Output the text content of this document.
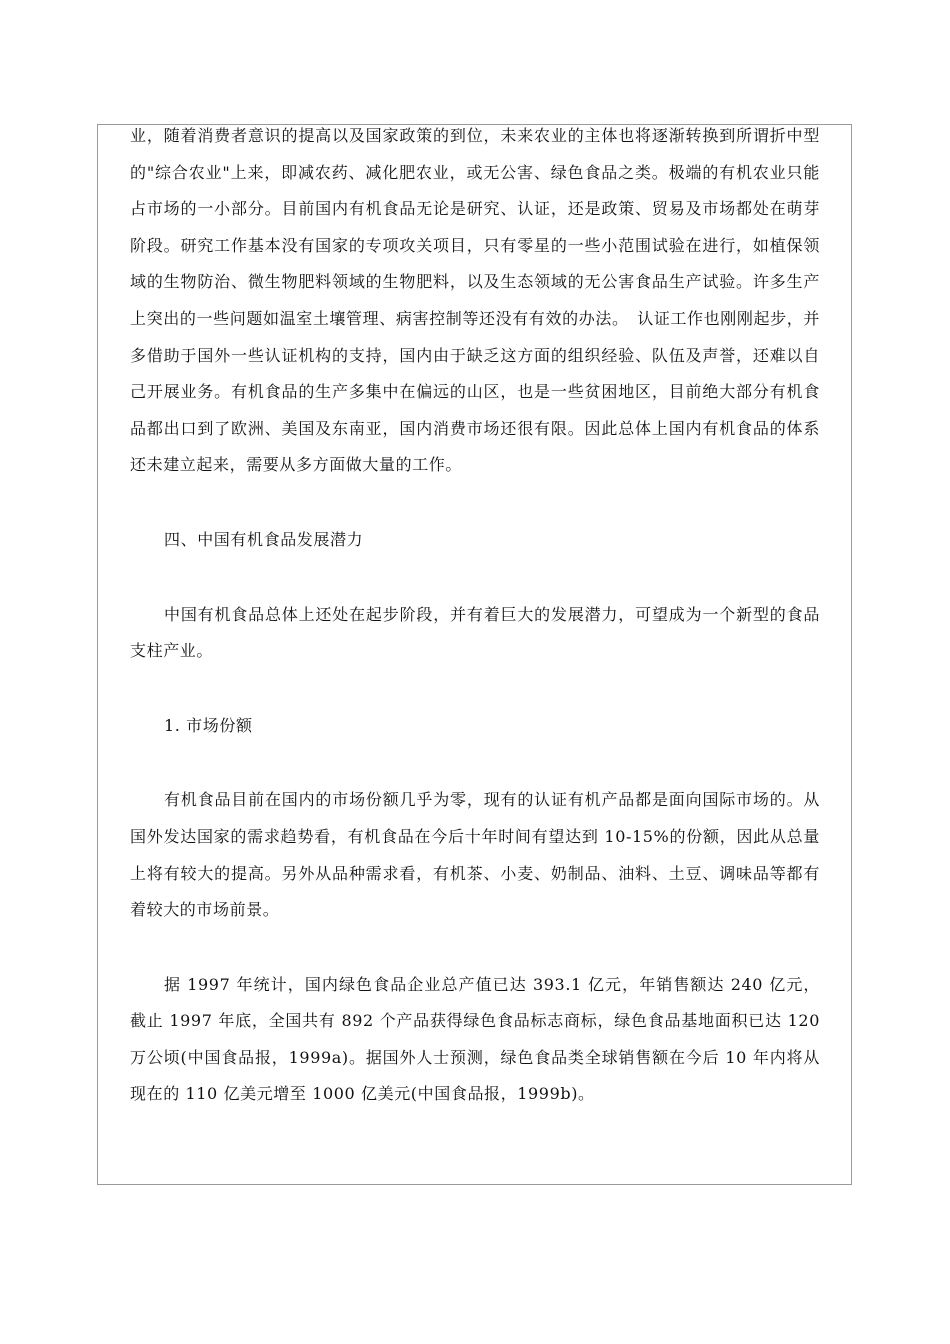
业，随着消费者意识的提高以及国家政策的到位，未来农业的主体也将逐渐转换到所谓折中型的"综合农业"上来，即减农药、减化肥农业，或无公害、绿色食品之类。极端的有机农业只能占市场的一小部分。目前国内有机食品无论是研究、认证，还是政策、贸易及市场都处在萌芽阶段。研究工作基本没有国家的专项攻关项目，只有零星的一些小范围试验在进行，如植保领域的生物防治、微生物肥料领域的生物肥料，以及生态领域的无公害食品生产试验。许多生产上突出的一些问题如温室土壤管理、病害控制等还没有有效的办法。　认证工作也刚刚起步，并多借助于国外一些认证机构的支持，国内由于缺乏这方面的组织经验、队伍及声誉，还难以自己开展业务。有机食品的生产多集中在偏远的山区，也是一些贫困地区，目前绝大部分有机食品都出口到了欧洲、美国及东南亚，国内消费市场还很有限。因此总体上国内有机食品的体系还未建立起来，需要从多方面做大量的工作。

四、中国有机食品发展潜力

中国有机食品总体上还处在起步阶段，并有着巨大的发展潜力，可望成为一个新型的食品支柱产业。

1. 市场份额

有机食品目前在国内的市场份额几乎为零，现有的认证有机产品都是面向国际市场的。从国外发达国家的需求趋势看，有机食品在今后十年时间有望达到 10-15%的份额，因此从总量上将有较大的提高。另外从品种需求看，有机茶、小麦、奶制品、油料、土豆、调味品等都有着较大的市场前景。

据 1997 年统计，国内绿色食品企业总产值已达 393.1 亿元，年销售额达 240 亿元，截止 1997 年底，全国共有 892 个产品获得绿色食品标志商标，绿色食品基地面积已达 120 万公顷(中国食品报，1999a)。据国外人士预测，绿色食品类全球销售额在今后 10 年内将从现在的 110 亿美元增至 1000 亿美元(中国食品报，1999b)。
